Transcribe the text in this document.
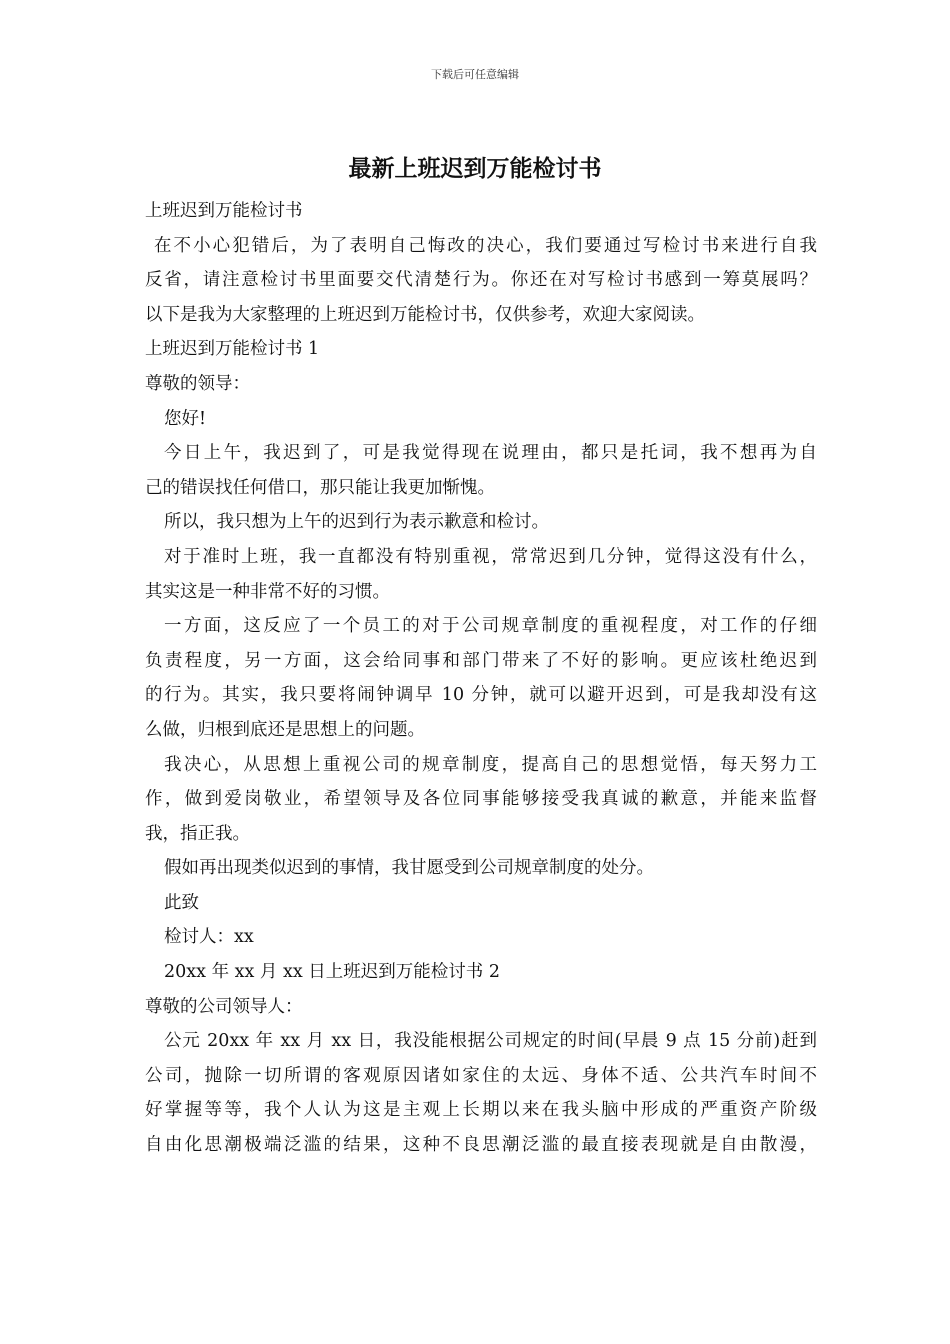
下载后可任意编辑
最新上班迟到万能检讨书
上班迟到万能检讨书
在不小心犯错后，为了表明自己悔改的决心，我们要通过写检讨书来进行自我
反省，请注意检讨书里面要交代清楚行为。你还在对写检讨书感到一筹莫展吗？
以下是我为大家整理的上班迟到万能检讨书，仅供参考，欢迎大家阅读。
上班迟到万能检讨书 1
尊敬的领导：
您好!
今日上午，我迟到了，可是我觉得现在说理由，都只是托词，我不想再为自
己的错误找任何借口，那只能让我更加惭愧。
所以，我只想为上午的迟到行为表示歉意和检讨。
对于准时上班，我一直都没有特别重视，常常迟到几分钟，觉得这没有什么，
其实这是一种非常不好的习惯。
一方面，这反应了一个员工的对于公司规章制度的重视程度，对工作的仔细
负责程度，另一方面，这会给同事和部门带来了不好的影响。更应该杜绝迟到
的行为。其实，我只要将闹钟调早 10 分钟，就可以避开迟到，可是我却没有这
么做，归根到底还是思想上的问题。
我决心，从思想上重视公司的规章制度，提高自己的思想觉悟，每天努力工
作，做到爱岗敬业，希望领导及各位同事能够接受我真诚的歉意，并能来监督
我，指正我。
假如再出现类似迟到的事情，我甘愿受到公司规章制度的处分。
此致
检讨人：xx
20xx 年 xx 月 xx 日上班迟到万能检讨书 2
尊敬的公司领导人：
公元 20xx 年 xx 月 xx 日，我没能根据公司规定的时间(早晨 9 点 15 分前)赶到
公司，抛除一切所谓的客观原因诸如家住的太远、身体不适、公共汽车时间不
好掌握等等，我个人认为这是主观上长期以来在我头脑中形成的严重资产阶级
自由化思潮极端泛滥的结果，这种不良思潮泛滥的最直接表现就是自由散漫，
